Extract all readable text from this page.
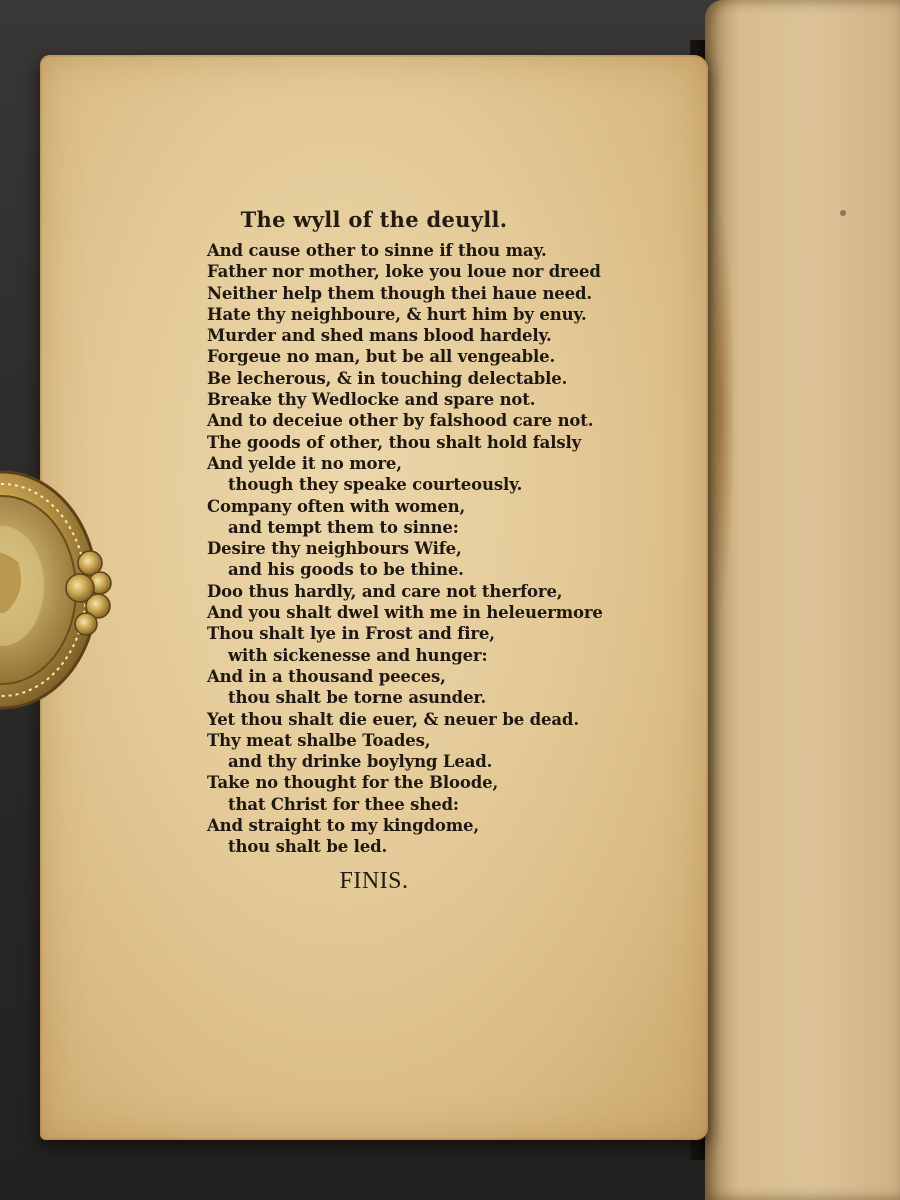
The wyll of the deuyll.
And cause other to sinne if thou may.
Father nor mother, loke you loue nor dreed
Neither help them though thei haue need.
Hate thy neighboure, & hurt him by enuy.
Murder and shed mans blood hardely.
Forgeue no man, but be all vengeable.
Be lecherous, & in touching delectable.
Breake thy Wedlocke and spare not.
And to deceiue other by falshood care not.
The goods of other, thou shalt hold falsly
And yelde it no more,
though they speake courteously.
Company often with women,
and tempt them to sinne:
Desire thy neighbours Wife,
and his goods to be thine.
Doo thus hardly, and care not therfore,
And you shalt dwel with me in heleuermore
Thou shalt lye in Frost and fire,
with sickenesse and hunger:
And in a thousand peeces,
thou shalt be torne asunder.
Yet thou shalt die euer, & neuer be dead.
Thy meat shalbe Toades,
and thy drinke boylyng Lead.
Take no thought for the Bloode,
that Christ for thee shed:
And straight to my kingdome,
thou shalt be led.
FINIS.
